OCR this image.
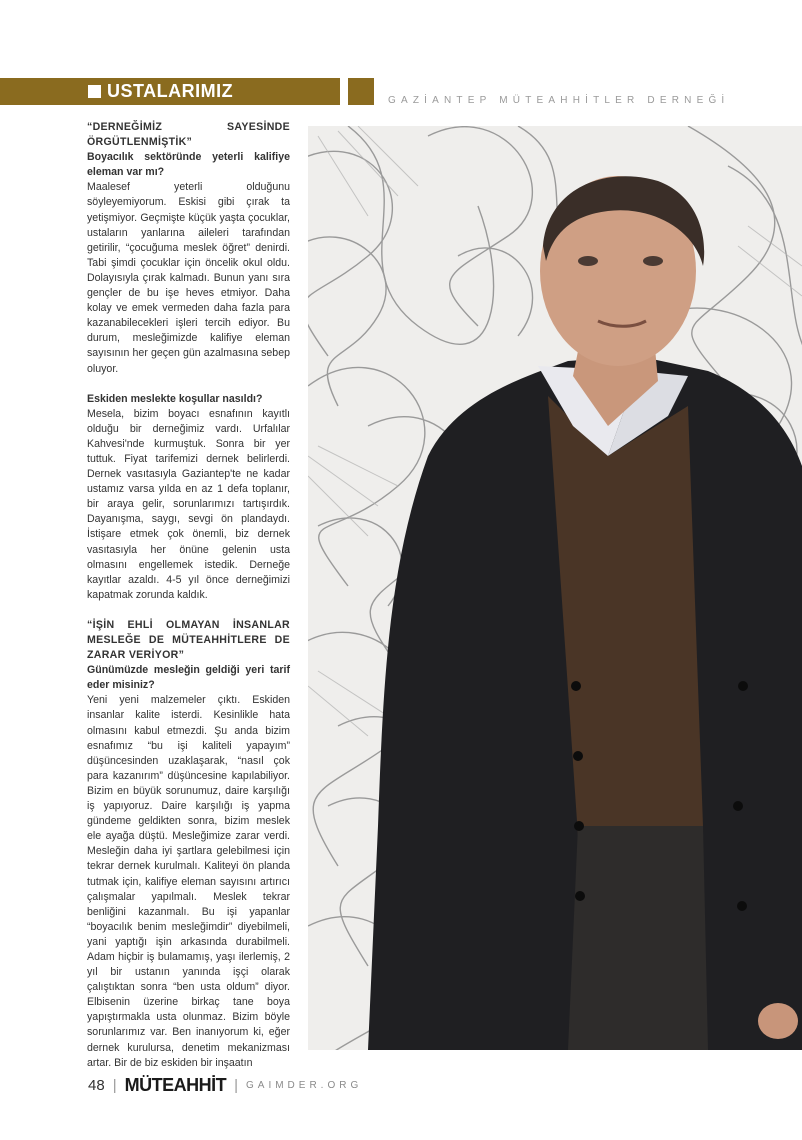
USTALARIMIZ	GAZİANTEP MÜTEAHHİTLER DERNEĞİ

“DERNEĞİMİZ SAYESİNDE ÖRGÜTLENMİŞTİK”

Boyacılık sektöründe yeterli kalifiye eleman var mı?

Maalesef yeterli olduğunu söyleyemiyorum. Eskisi gibi çırak ta yetişmiyor. Geçmişte küçük yaşta çocuklar, ustaların yanlarına aileleri tarafından getirilir, “çocuğuma meslek öğret” denirdi. Tabi şimdi çocuklar için öncelik okul oldu. Dolayısıyla çırak kalmadı. Bunun yanı sıra gençler de bu işe heves etmiyor. Daha kolay ve emek vermeden daha fazla para kazanabilecekleri işleri tercih ediyor. Bu durum, mesleğimizde kalifiye eleman sayısının her geçen gün azalmasına sebep oluyor.

Eskiden meslekte koşullar nasıldı?

Mesela, bizim boyacı esnafının kayıtlı olduğu bir derneğimiz vardı. Urfalılar Kahvesi'nde kurmuştuk. Sonra bir yer tuttuk. Fiyat tarifemizi dernek belirlerdi. Dernek vasıtasıyla Gaziantep'te ne kadar ustamız varsa yılda en az 1 defa toplanır, bir araya gelir, sorunlarımızı tartışırdık. Dayanışma, saygı, sevgi ön plandaydı. İstişare etmek çok önemli, biz dernek vasıtasıyla her önüne gelenin usta olmasını engellemek istedik. Derneğe kayıtlar azaldı. 4-5 yıl önce derneğimizi kapatmak zorunda kaldık.

“İŞİN EHLİ OLMAYAN İNSANLAR MESLEĞE DE MÜTEAHHİTLERE DE ZARAR VERİYOR”

Günümüzde mesleğin geldiği yeri tarif eder misiniz?

Yeni yeni malzemeler çıktı. Eskiden insanlar kalite isterdi. Kesinlikle hata olmasını kabul etmezdi. Şu anda bizim esnafımız “bu işi kaliteli yapayım” düşüncesinden uzaklaşarak, “nasıl çok para kazanırım” düşüncesine kapılabiliyor. Bizim en büyük sorunumuz, daire karşılığı iş yapıyoruz. Daire karşılığı iş yapma gündeme geldikten sonra, bizim meslek ele ayağa düştü. Mesleğimize zarar verdi. Mesleğin daha iyi şartlara gelebilmesi için tekrar dernek kurulmalı. Kaliteyi ön planda tutmak için, kalifiye eleman sayısını artırıcı çalışmalar yapılmalı. Meslek tekrar benliğini kazanmalı. Bu işi yapanlar “boyacılık benim mesleğimdir” diyebilmeli, yani yaptığı işin arkasında durabilmeli. Adam hiçbir iş bulamamış, yaşı ilerlemiş, 2 yıl bir ustanın yanında işçi olarak çalıştıktan sonra “ben usta oldum” diyor. Elbisenin üzerine birkaç tane boya yapıştırmakla usta olunmaz. Bizim böyle sorunlarımız var. Ben inanıyorum ki, eğer dernek kurulursa, denetim mekanizması artar. Bir de biz eskiden bir inşaatın

48 | MÜTEAHHİT | GAIMDER.ORG
